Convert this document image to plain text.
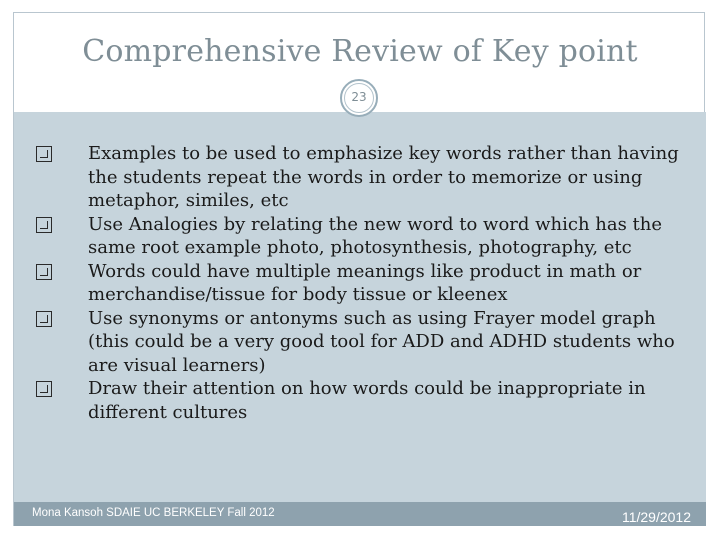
Comprehensive Review of Key point
23
Examples to be used to emphasize key words rather than having the students repeat the words in order to memorize or using metaphor, similes, etc
Use Analogies by relating the new word to word which has the same root example photo, photosynthesis, photography, etc
Words could have multiple meanings like product in math or merchandise/tissue for body tissue or kleenex
Use synonyms or antonyms such as using Frayer model graph (this could be a very good tool for ADD and ADHD students who are visual learners)
Draw their attention on how words could be inappropriate in different cultures
Mona Kansoh SDAIE UC BERKELEY Fall 2012	11/29/2012
